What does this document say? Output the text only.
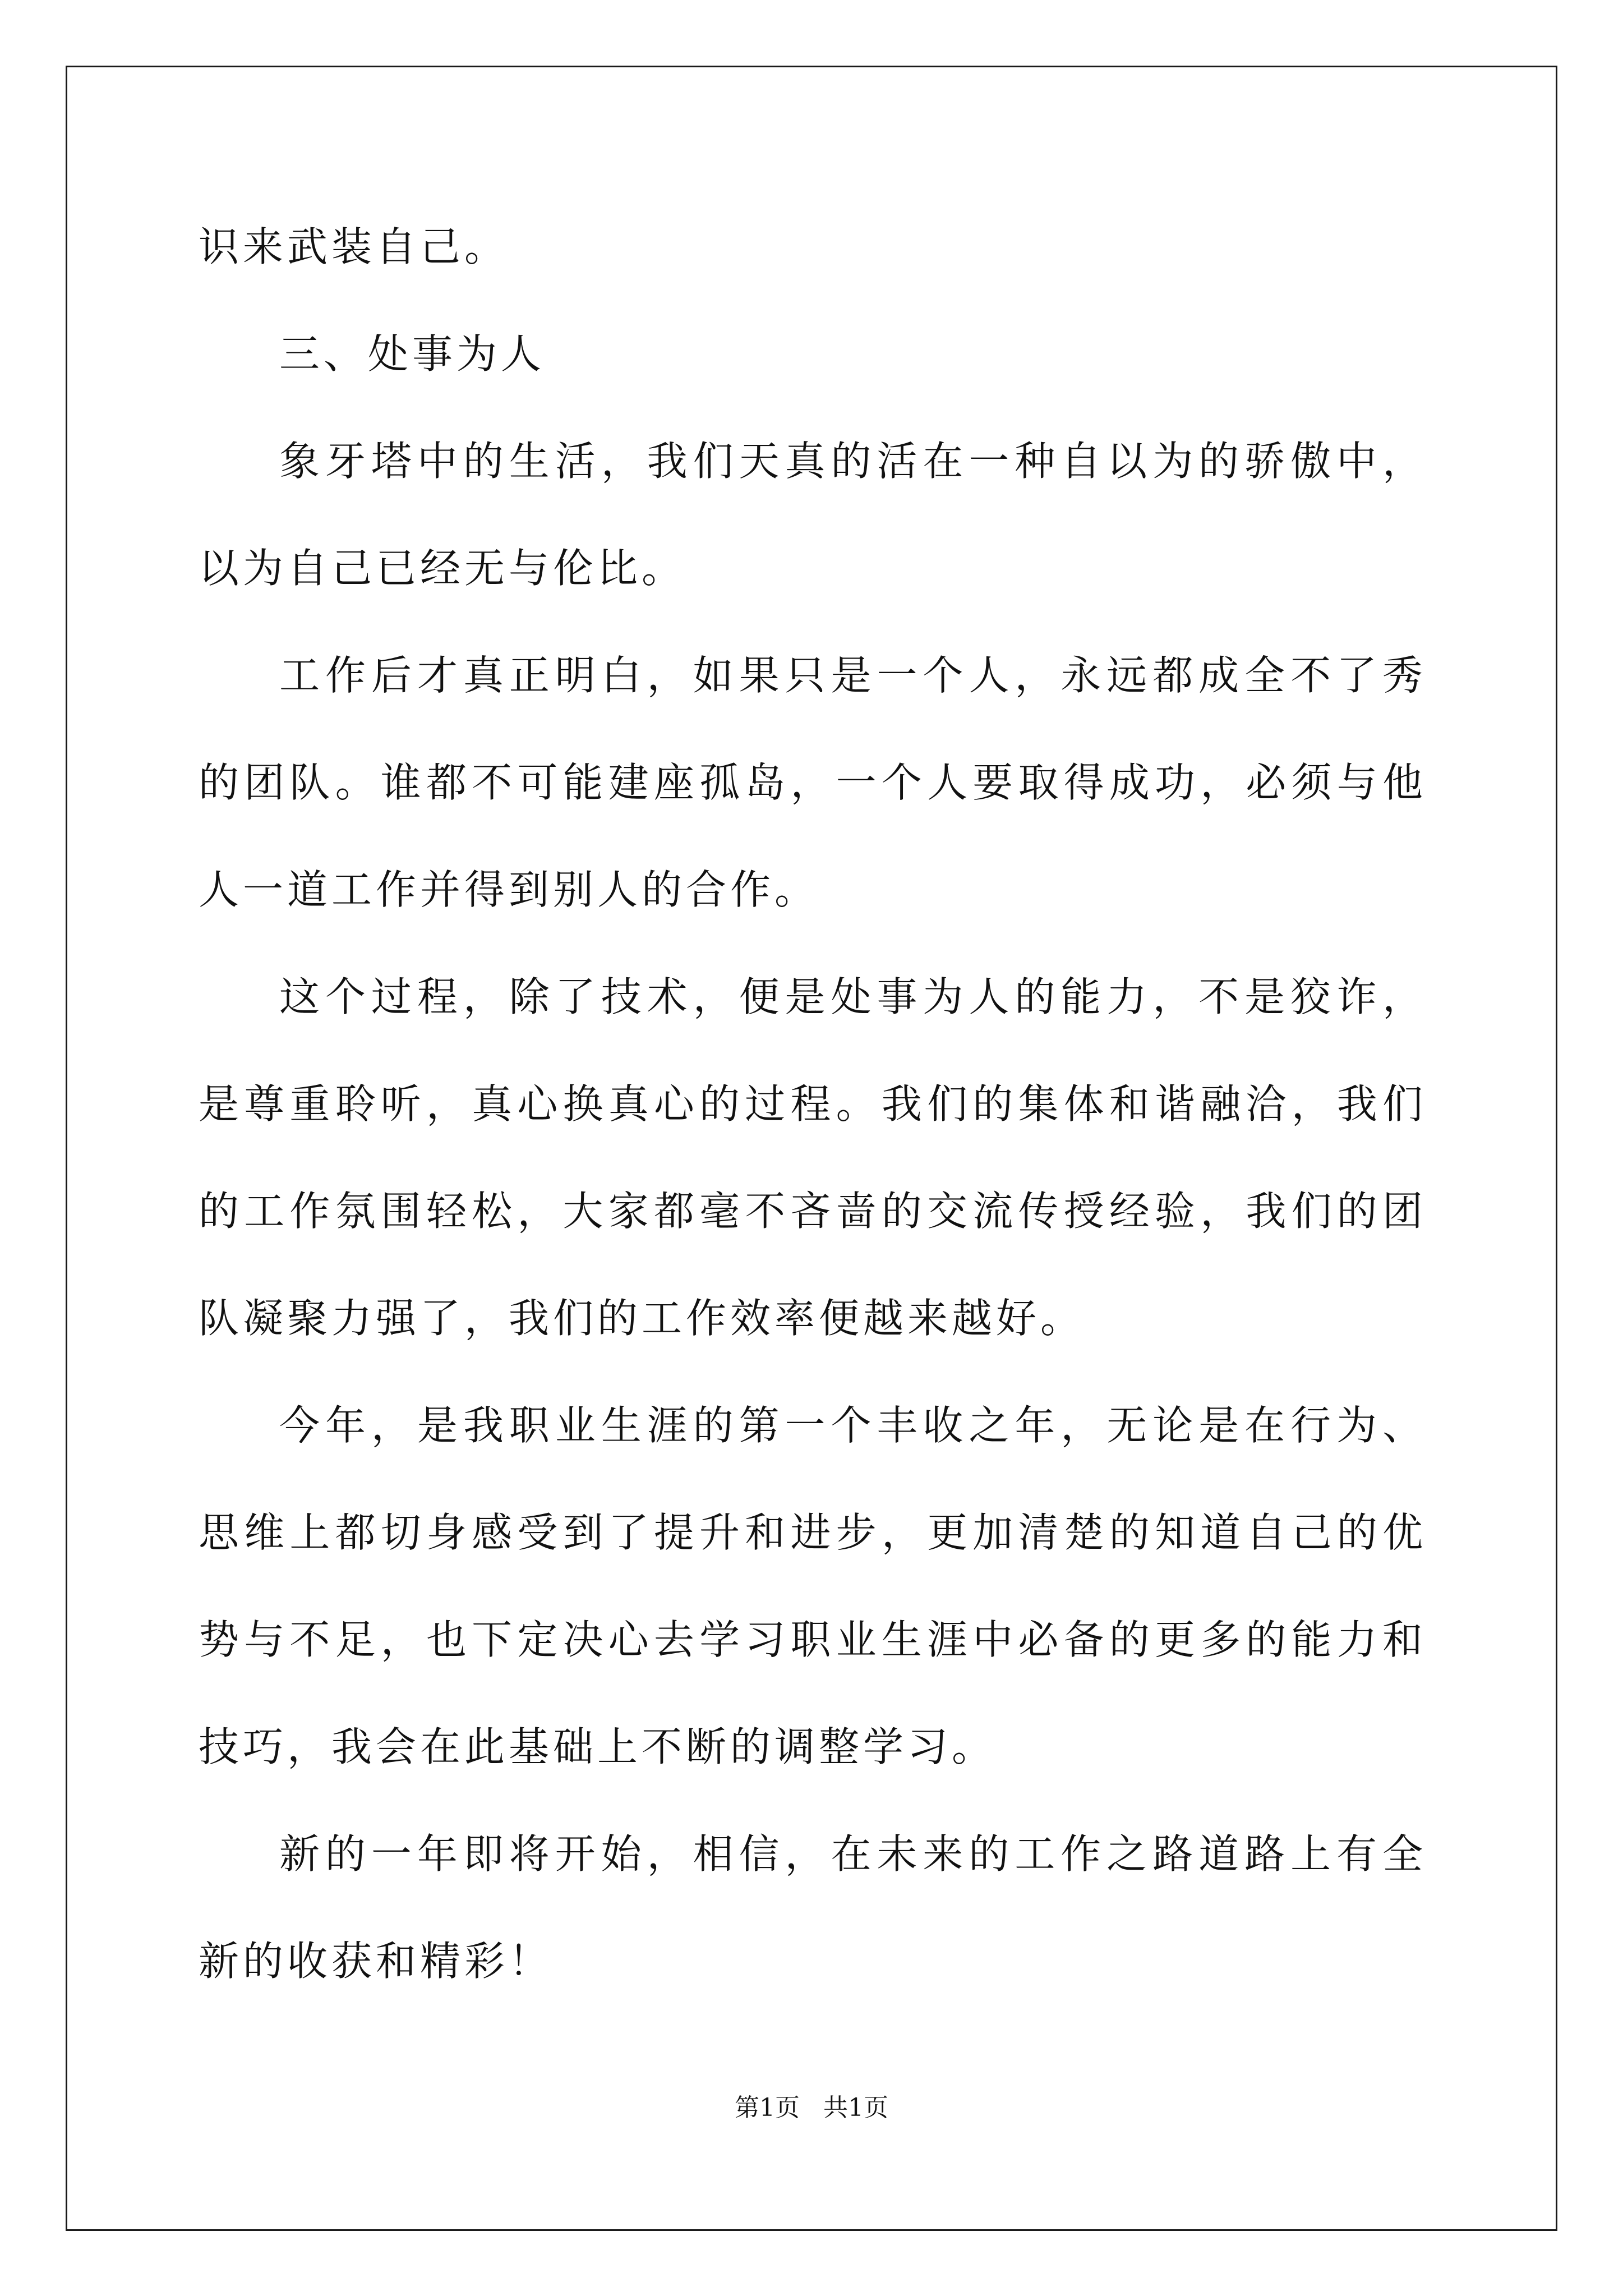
识来武装自己。

三、处事为人

象牙塔中的生活，我们天真的活在一种自以为的骄傲中，以为自己已经无与伦比。

工作后才真正明白，如果只是一个人，永远都成全不了秀的团队。谁都不可能建座孤岛，一个人要取得成功，必须与他人一道工作并得到别人的合作。

这个过程，除了技术，便是处事为人的能力，不是狡诈，是尊重聆听，真心换真心的过程。我们的集体和谐融洽，我们的工作氛围轻松，大家都毫不吝啬的交流传授经验，我们的团队凝聚力强了，我们的工作效率便越来越好。

今年，是我职业生涯的第一个丰收之年，无论是在行为、思维上都切身感受到了提升和进步，更加清楚的知道自己的优势与不足，也下定决心去学习职业生涯中必备的更多的能力和技巧，我会在此基础上不断的调整学习。

新的一年即将开始，相信，在未来的工作之路道路上有全新的收获和精彩！

第1页   共1页
